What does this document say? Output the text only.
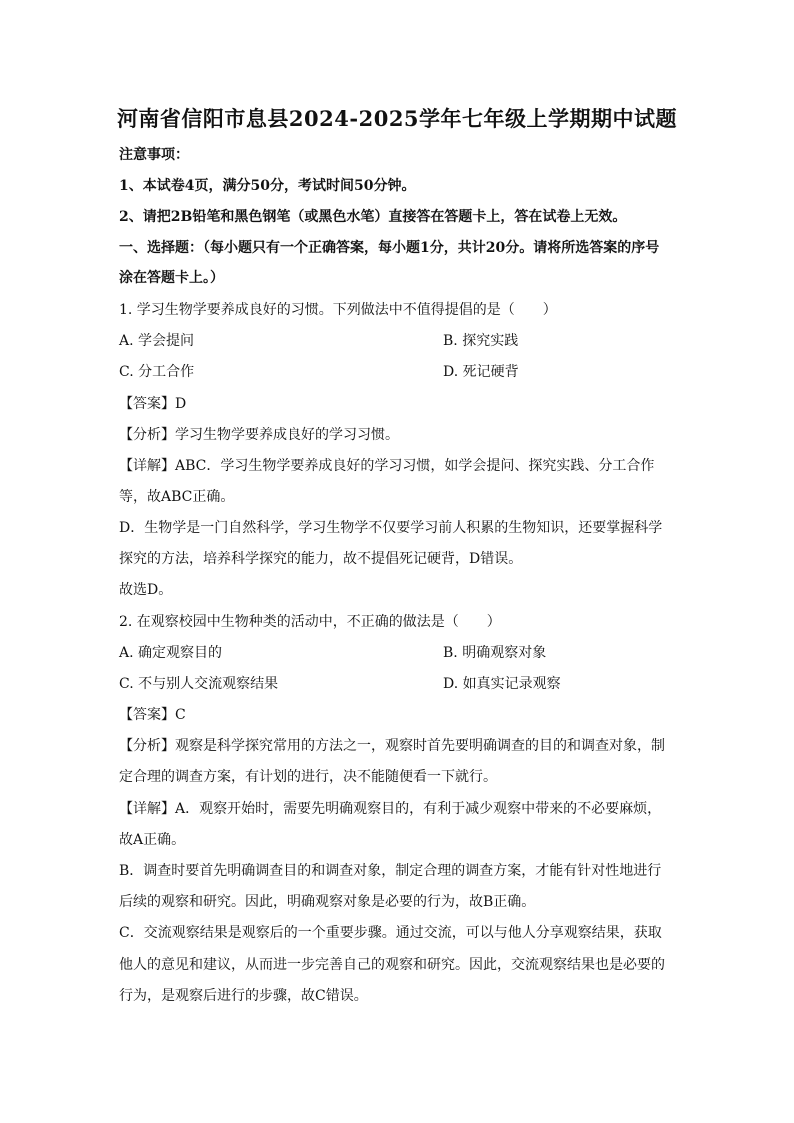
河南省信阳市息县2024-2025学年七年级上学期期中试题
注意事项：
1、本试卷4页，满分50分，考试时间50分钟。
2、请把2B铅笔和黑色钢笔（或黑色水笔）直接答在答题卡上，答在试卷上无效。
一、选择题：（每小题只有一个正确答案，每小题1分，共计20分。请将所选答案的序号
涂在答题卡上。）
1. 学习生物学要养成良好的习惯。下列做法中不值得提倡的是（　　）
A. 学会提问	B. 探究实践
C. 分工合作	D. 死记硬背
【答案】D
【分析】学习生物学要养成良好的学习习惯。
【详解】ABC．学习生物学要养成良好的学习习惯，如学会提问、探究实践、分工合作
等，故ABC正确。
D．生物学是一门自然科学，学习生物学不仅要学习前人积累的生物知识，还要掌握科学
探究的方法，培养科学探究的能力，故不提倡死记硬背，D错误。
故选D。
2. 在观察校园中生物种类的活动中，不正确的做法是（　　）
A. 确定观察目的	B. 明确观察对象
C. 不与别人交流观察结果	D. 如真实记录观察
【答案】C
【分析】观察是科学探究常用的方法之一，观察时首先要明确调查的目的和调查对象，制
定合理的调查方案，有计划的进行，决不能随便看一下就行。
【详解】A．观察开始时，需要先明确观察目的，有利于减少观察中带来的不必要麻烦，
故A正确。
B．调查时要首先明确调查目的和调查对象，制定合理的调查方案，才能有针对性地进行
后续的观察和研究。因此，明确观察对象是必要的行为，故B正确。
C．交流观察结果是观察后的一个重要步骤。通过交流，可以与他人分享观察结果，获取
他人的意见和建议，从而进一步完善自己的观察和研究。因此，交流观察结果也是必要的
行为，是观察后进行的步骤，故C错误。
